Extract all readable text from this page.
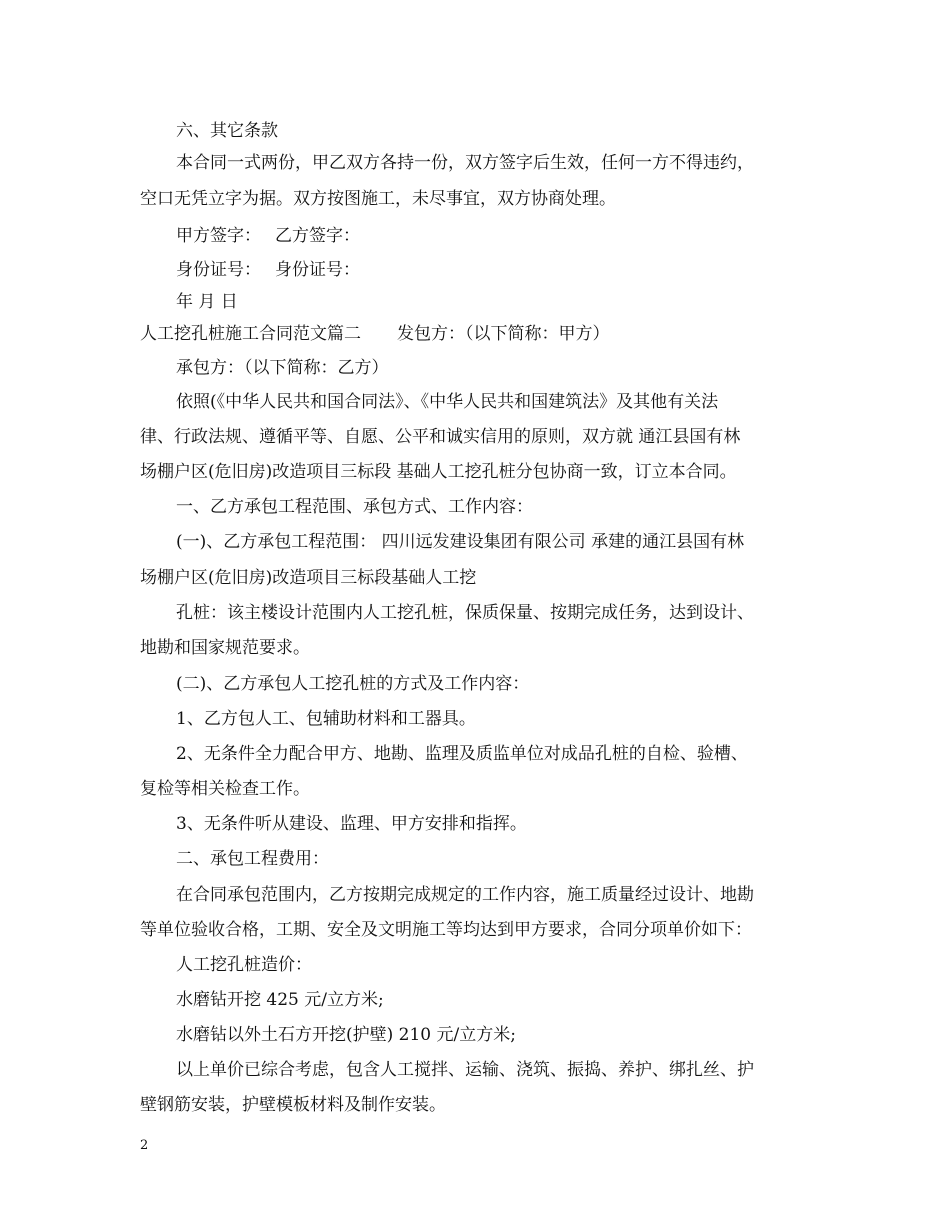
六、其它条款
本合同一式两份，甲乙双方各持一份，双方签字后生效，任何一方不得违约，
空口无凭立字为据。双方按图施工，未尽事宜，双方协商处理。
甲方签字： 乙方签字：
身份证号： 身份证号：
年 月 日
人工挖孔桩施工合同范文篇二 发包方：（以下简称：甲方）
承包方：（以下简称：乙方）
依照(《中华人民共和国合同法》、《中华人民共和国建筑法》及其他有关法
律、行政法规、遵循平等、自愿、公平和诚实信用的原则，双方就 通江县国有林
场棚户区(危旧房)改造项目三标段 基础人工挖孔桩分包协商一致，订立本合同。
一、乙方承包工程范围、承包方式、工作内容：
(一)、乙方承包工程范围： 四川远发建设集团有限公司 承建的通江县国有林
场棚户区(危旧房)改造项目三标段基础人工挖
孔桩：该主楼设计范围内人工挖孔桩，保质保量、按期完成任务，达到设计、
地勘和国家规范要求。
(二)、乙方承包人工挖孔桩的方式及工作内容：
1、乙方包人工、包辅助材料和工器具。
2、无条件全力配合甲方、地勘、监理及质监单位对成品孔桩的自检、验槽、
复检等相关检查工作。
3、无条件听从建设、监理、甲方安排和指挥。
二、承包工程费用：
在合同承包范围内，乙方按期完成规定的工作内容，施工质量经过设计、地勘
等单位验收合格，工期、安全及文明施工等均达到甲方要求，合同分项单价如下：
人工挖孔桩造价：
水磨钻开挖 425 元/立方米;
水磨钻以外土石方开挖(护壁) 210 元/立方米;
以上单价已综合考虑，包含人工搅拌、运输、浇筑、振捣、养护、绑扎丝、护
壁钢筋安装，护壁模板材料及制作安装。
2
